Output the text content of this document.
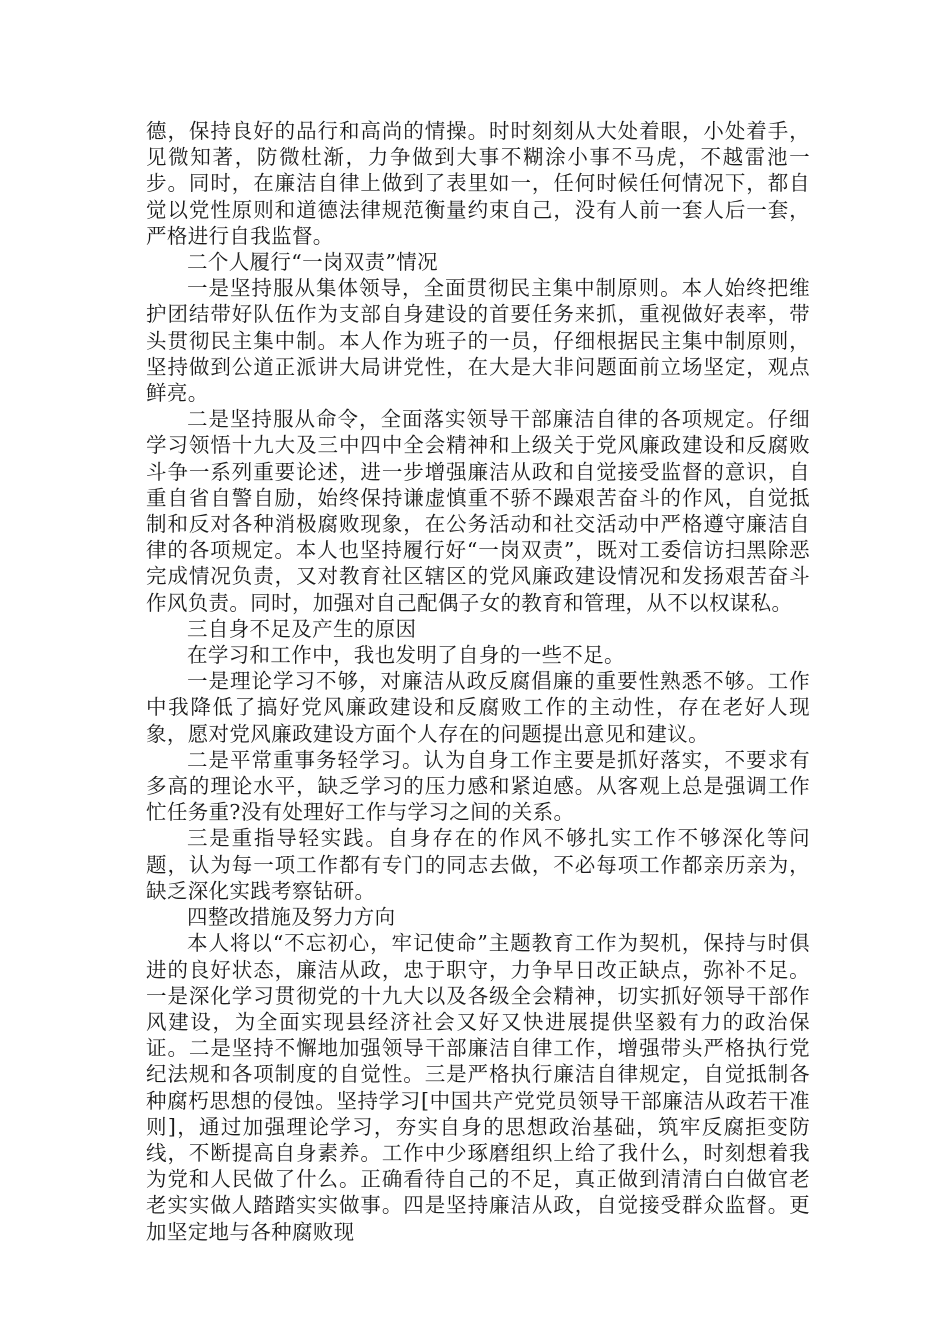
德，保持良好的品行和高尚的情操。时时刻刻从大处着眼，小处着手，见微知著，防微杜渐，力争做到大事不糊涂小事不马虎，不越雷池一步。同时，在廉洁自律上做到了表里如一，任何时候任何情况下，都自觉以党性原则和道德法律规范衡量约束自己，没有人前一套人后一套，严格进行自我监督。

二个人履行“一岗双责”情况

一是坚持服从集体领导，全面贯彻民主集中制原则。本人始终把维护团结带好队伍作为支部自身建设的首要任务来抓，重视做好表率，带头贯彻民主集中制。本人作为班子的一员，仔细根据民主集中制原则，坚持做到公道正派讲大局讲党性，在大是大非问题面前立场坚定，观点鲜亮。

二是坚持服从命令，全面落实领导干部廉洁自律的各项规定。仔细学习领悟十九大及三中四中全会精神和上级关于党风廉政建设和反腐败斗争一系列重要论述，进一步增强廉洁从政和自觉接受监督的意识，自重自省自警自励，始终保持谦虚慎重不骄不躁艰苦奋斗的作风，自觉抵制和反对各种消极腐败现象，在公务活动和社交活动中严格遵守廉洁自律的各项规定。本人也坚持履行好“一岗双责”，既对工委信访扫黑除恶完成情况负责，又对教育社区辖区的党风廉政建设情况和发扬艰苦奋斗作风负责。同时，加强对自己配偶子女的教育和管理，从不以权谋私。

三自身不足及产生的原因

在学习和工作中，我也发明了自身的一些不足。

一是理论学习不够，对廉洁从政反腐倡廉的重要性熟悉不够。工作中我降低了搞好党风廉政建设和反腐败工作的主动性，存在老好人现象，愿对党风廉政建设方面个人存在的问题提出意见和建议。

二是平常重事务轻学习。认为自身工作主要是抓好落实，不要求有多高的理论水平，缺乏学习的压力感和紧迫感。从客观上总是强调工作忙任务重?没有处理好工作与学习之间的关系。

三是重指导轻实践。自身存在的作风不够扎实工作不够深化等问题，认为每一项工作都有专门的同志去做，不必每项工作都亲历亲为，缺乏深化实践考察钻研。

四整改措施及努力方向

本人将以“不忘初心，牢记使命”主题教育工作为契机，保持与时俱进的良好状态，廉洁从政，忠于职守，力争早日改正缺点，弥补不足。一是深化学习贯彻党的十九大以及各级全会精神，切实抓好领导干部作风建设，为全面实现县经济社会又好又快进展提供坚毅有力的政治保证。二是坚持不懈地加强领导干部廉洁自律工作，增强带头严格执行党纪法规和各项制度的自觉性。三是严格执行廉洁自律规定，自觉抵制各种腐朽思想的侵蚀。坚持学习[中国共产党党员领导干部廉洁从政若干准则]，通过加强理论学习，夯实自身的思想政治基础，筑牢反腐拒变防线，不断提高自身素养。工作中少琢磨组织上给了我什么，时刻想着我为党和人民做了什么。正确看待自己的不足，真正做到清清白白做官老老实实做人踏踏实实做事。四是坚持廉洁从政，自觉接受群众监督。更加坚定地与各种腐败现
